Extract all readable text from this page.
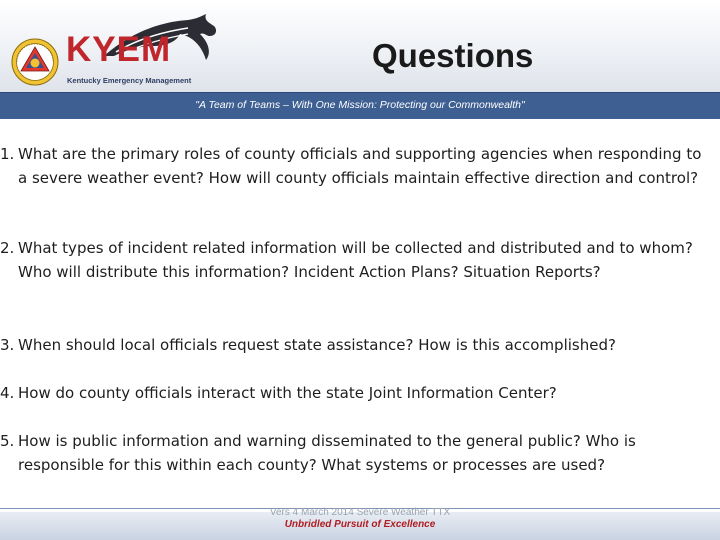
KYEM
Kentucky Emergency Management
Questions
"A Team of Teams – With One Mission: Protecting our Commonwealth"
1. What are the primary roles of county officials and supporting agencies when responding to a severe weather event? How will county officials maintain effective direction and control?
2. What types of incident related information will be collected and distributed and to whom? Who will distribute this information? Incident Action Plans? Situation Reports?
3. When should local officials request state assistance? How is this accomplished?
4. How do county officials interact with the state Joint Information Center?
5. How is public information and warning disseminated to the general public? Who is responsible for this within each county? What systems or processes are used?
Vers 4 March 2014 Severe Weather TTX
Unbridled Pursuit of Excellence
